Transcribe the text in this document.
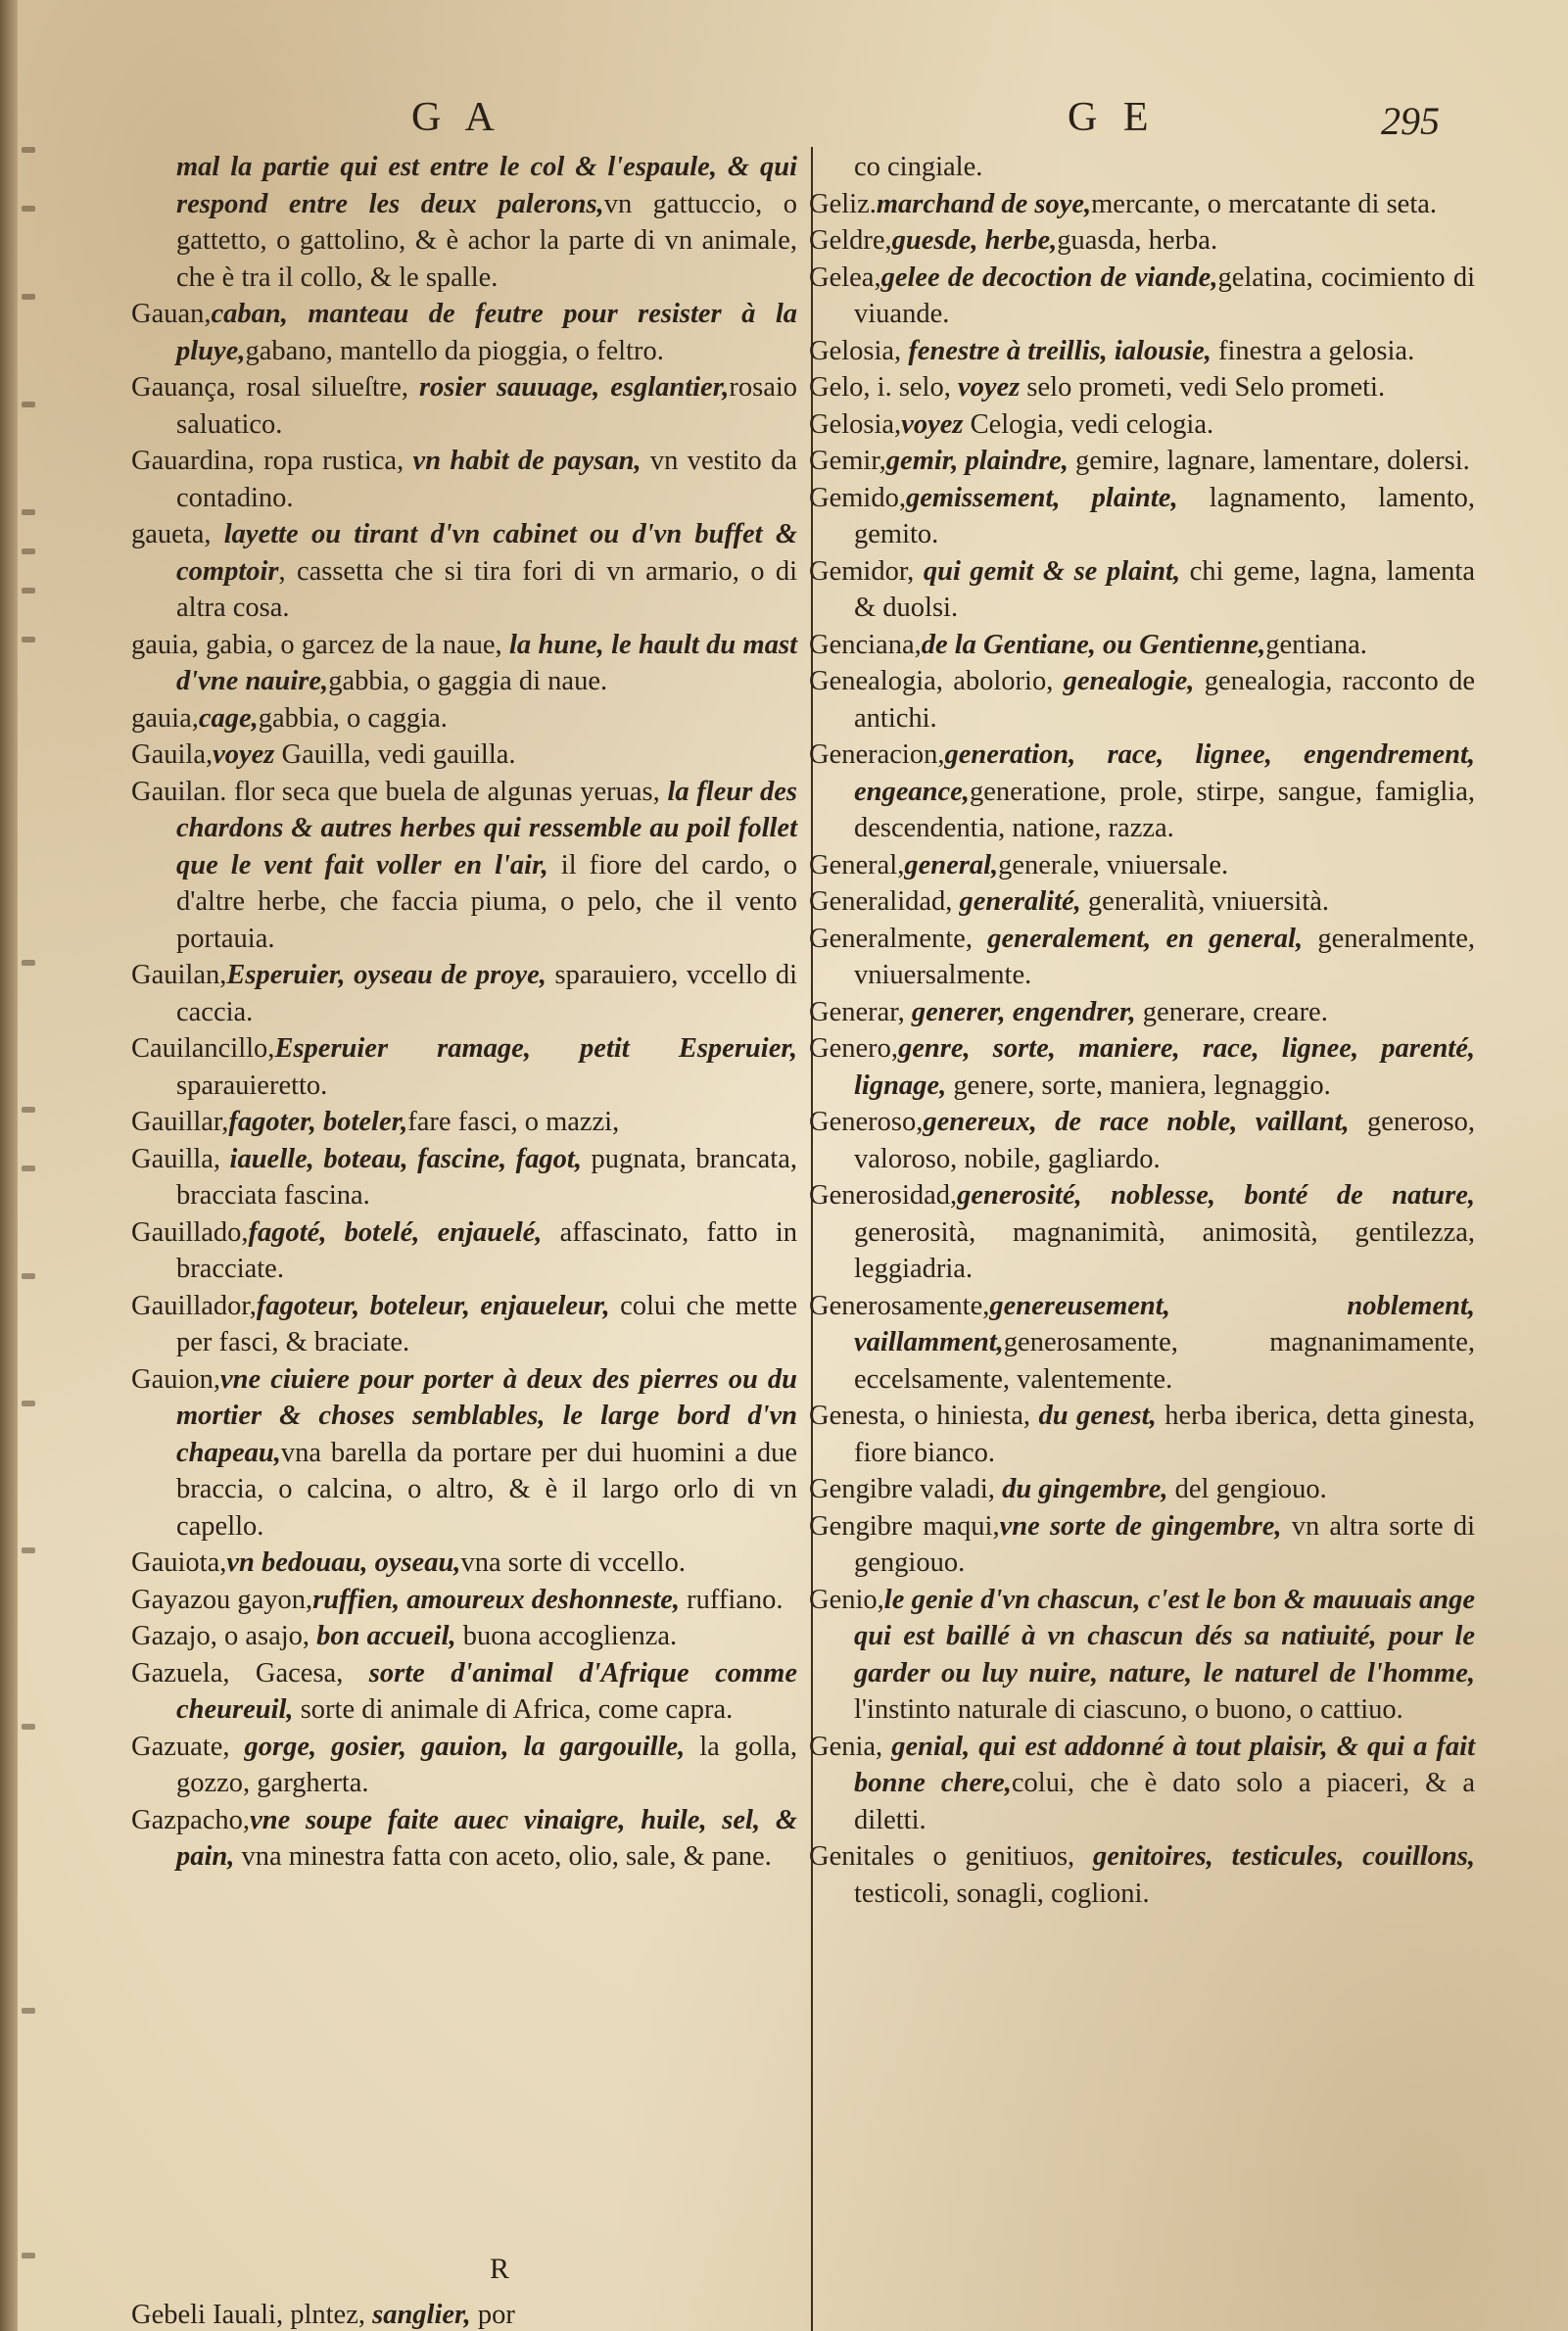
G A	G E	295

mal la partie qui est entre le col & l'espaule, & qui respond entre les deux palerons,vn gattuccio, o gattetto, o gattolino, & è achor la parte di vn animale, che è tra il collo, & le spalle.

Gauan,caban, manteau de feutre pour resister à la pluye,gabano, mantello da pioggia, o feltro.

Gauança, rosal silueſtre, rosier sauuage, esglantier,rosaio saluatico.

Gauardina, ropa rustica, vn habit de paysan, vn vestito da contadino.

gaueta, layette ou tirant d'vn cabinet ou d'vn buffet & comptoir, cassetta che si tira fori di vn armario, o di altra cosa.

gauia, gabia, o garcez de la naue, la hune, le hault du mast d'vne nauire,gabbia, o gaggia di naue.

gauia,cage,gabbia, o caggia.

Gauila,voyez Gauilla, vedi gauilla.

Gauilan. flor seca que buela de algunas yeruas, la fleur des chardons & autres herbes qui ressemble au poil follet que le vent fait voller en l'air, il fiore del cardo, o d'altre herbe, che faccia piuma, o pelo, che il vento portauia.

Gauilan,Esperuier, oyseau de proye, sparauiero, vccello di caccia.

Cauilancillo,Esperuier ramage, petit Esperuier, sparauieretto.

Gauillar,fagoter, boteler,fare fasci, o mazzi,

Gauilla, iauelle, boteau, fascine, fagot, pugnata, brancata, bracciata fascina.

Gauillado,fagoté, botelé, enjauelé, affascinato, fatto in bracciate.

Gauillador,fagoteur, boteleur, enjaueleur, colui che mette per fasci, & braciate.

Gauion,vne ciuiere pour porter à deux des pierres ou du mortier & choses semblables, le large bord d'vn chapeau,vna barella da portare per dui huomini a due braccia, o calcina, o altro, & è il largo orlo di vn capello.

Gauiota,vn bedouau, oyseau,vna sorte di vccello.

Gayazou gayon,ruffien, amoureux deshonneste, ruffiano.

Gazajo, o asajo, bon accueil, buona accoglienza.

Gazuela, Gacesa, sorte d'animal d'Afrique comme cheureuil, sorte di animale di Africa, come capra.

Gazuate, gorge, gosier, gauion, la gargouille, la golla, gozzo, gargherta.

Gazpacho,vne soupe faite auec vinaigre, huile, sel, & pain, vna minestra fatta con aceto, olio, sale, & pane.

co cingiale.

Geliz.marchand de soye,mercante, o mercatante di seta.

Geldre,guesde, herbe,guasda, herba.

Gelea,gelee de decoction de viande,gelatina, cocimiento di viuande.

Gelosia, fenestre à treillis, ialousie, finestra a gelosia.

Gelo, i. selo, voyez selo prometi, vedi Selo prometi.

Gelosia,voyez Celogia, vedi celogia.

Gemir,gemir, plaindre, gemire, lagnare, lamentare, dolersi.

Gemido,gemissement, plainte, lagnamento, lamento, gemito.

Gemidor, qui gemit & se plaint, chi geme, lagna, lamenta & duolsi.

Genciana,de la Gentiane, ou Gentienne,gentiana.

Genealogia, abolorio, genealogie, genealogia, racconto de antichi.

Generacion,generation, race, lignee, engendrement, engeance,generatione, prole, stirpe, sangue, famiglia, descendentia, natione, razza.

General,general,generale, vniuersale.

Generalidad, generalité, generalità, vniuersità.

Generalmente, generalement, en general, generalmente, vniuersalmente.

Generar, generer, engendrer, generare, creare.

Genero,genre, sorte, maniere, race, lignee, parenté, lignage, genere, sorte, maniera, legnaggio.

Generoso,genereux, de race noble, vaillant, generoso, valoroso, nobile, gagliardo.

Generosidad,generosité, noblesse, bonté de nature, generosità, magnanimità, animosità, gentilezza, leggiadria.

Generosamente,genereusement, noblement, vaillamment,generosamente, magnanimamente, eccelsamente, valentemente.

Genesta, o hiniesta, du genest, herba iberica, detta ginesta, fiore bianco.

Gengibre valadi, du gingembre, del gengiouo.

Gengibre maqui,vne sorte de gingembre, vn altra sorte di gengiouo.

Genio,le genie d'vn chascun, c'est le bon & mauuais ange qui est baillé à vn chascun dés sa natiuité, pour le garder ou luy nuire, nature, le naturel de l'homme, l'instinto naturale di ciascuno, o buono, o cattiuo.

Genia, genial, qui est addonné à tout plaisir, & qui a fait bonne chere,colui, che è dato solo a piaceri, & a diletti.

Genitales o genitiuos, genitoires, testicules, couillons, testicoli, sonagli, coglioni.

R
Gebeli Iauali, plntez, sanglier, por
